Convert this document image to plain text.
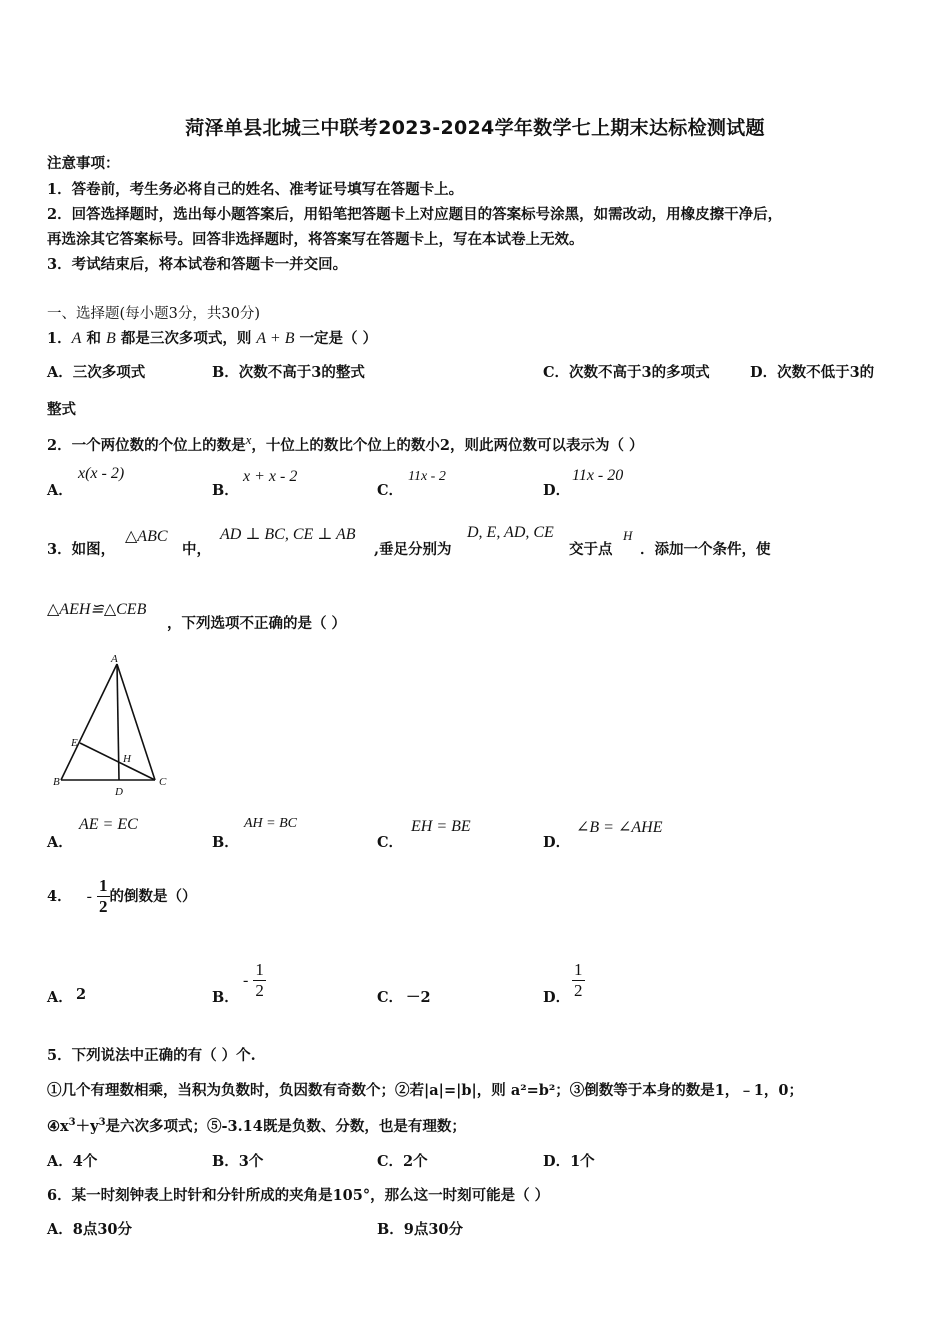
菏泽单县北城三中联考2023-2024学年数学七上期末达标检测试题
注意事项：
1．答卷前，考生务必将自己的姓名、准考证号填写在答题卡上。
2．回答选择题时，选出每小题答案后，用铅笔把答题卡上对应题目的答案标号涂黑，如需改动，用橡皮擦干净后，
再选涂其它答案标号。回答非选择题时，将答案写在答题卡上，写在本试卷上无效。
3．考试结束后，将本试卷和答题卡一并交回。
一、选择题(每小题3分，共30分)
1．A 和 B 都是三次多项式，则 A + B 一定是（ ）
A．三次多项式	B．次数不高于3的整式	C．次数不高于3的多项式	D．次数不低于3的
整式
2．一个两位数的个位上的数是x，十位上的数比个位上的数小2，则此两位数可以表示为（ ）
A．
x(x - 2)
B．
x + x - 2
C．
11x - 2
D．
11x - 20
3．如图，
△ABC
中，
AD ⊥ BC, CE ⊥ AB
,垂足分别为
D, E, AD, CE
交于点
H
．添加一个条件，使
△AEH≌△CEB
，下列选项不正确的是（ ）
A
E
H
B
D
C
A．
AE = EC
B．
AH = BC
C．
EH = BE
D．
∠B = ∠AHE
4． - $\frac{1}{2}$ 的倒数是（）
A． 2	B．
- $\frac{1}{2}$	C． －2	D． $\frac{1}{2}$
5．下列说法中正确的有（ ）个.
①几个有理数相乘，当积为负数时，负因数有奇数个；②若|a|=|b|，则 a²=b²；③倒数等于本身的数是1，﹣1，0；
$④x^3+y^3$是六次多项式；⑤-3.14既是负数、分数，也是有理数；
A．4个	B．3个	C．2个	D．1个
6．某一时刻钟表上时针和分针所成的夹角是105°，那么这一时刻可能是（ ）
A．8点30分	B．9点30分
